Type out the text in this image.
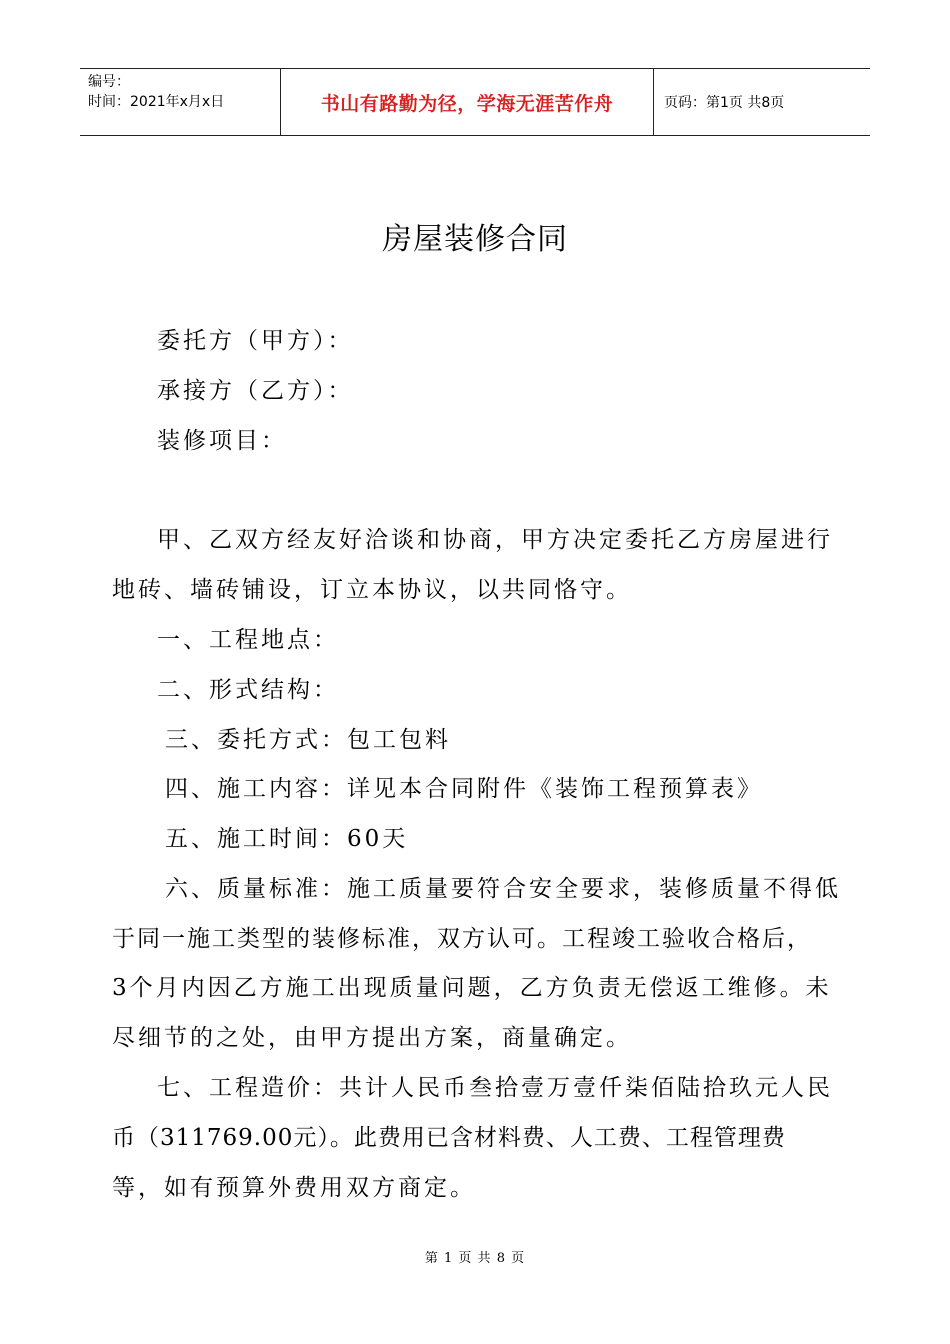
编号：
时间：2021年x月x日	书山有路勤为径，学海无涯苦作舟	页码：第1页 共8页
房屋装修合同
委托方（甲方）：
承接方（乙方）：
装修项目：
甲、乙双方经友好洽谈和协商，甲方决定委托乙方房屋进行
地砖、墙砖铺设，订立本协议，以共同恪守。
一、工程地点：
二、形式结构：
三、委托方式：包工包料
四、施工内容：详见本合同附件《装饰工程预算表》
五、施工时间：60天
六、质量标准：施工质量要符合安全要求，装修质量不得低
于同一施工类型的装修标准，双方认可。工程竣工验收合格后，
3个月内因乙方施工出现质量问题，乙方负责无偿返工维修。未
尽细节的之处，由甲方提出方案，商量确定。
七、工程造价：共计人民币叁拾壹万壹仟柒佰陆拾玖元人民
币（311769.00元）。此费用已含材料费、人工费、工程管理费
等，如有预算外费用双方商定。
第 1 页 共 8 页
